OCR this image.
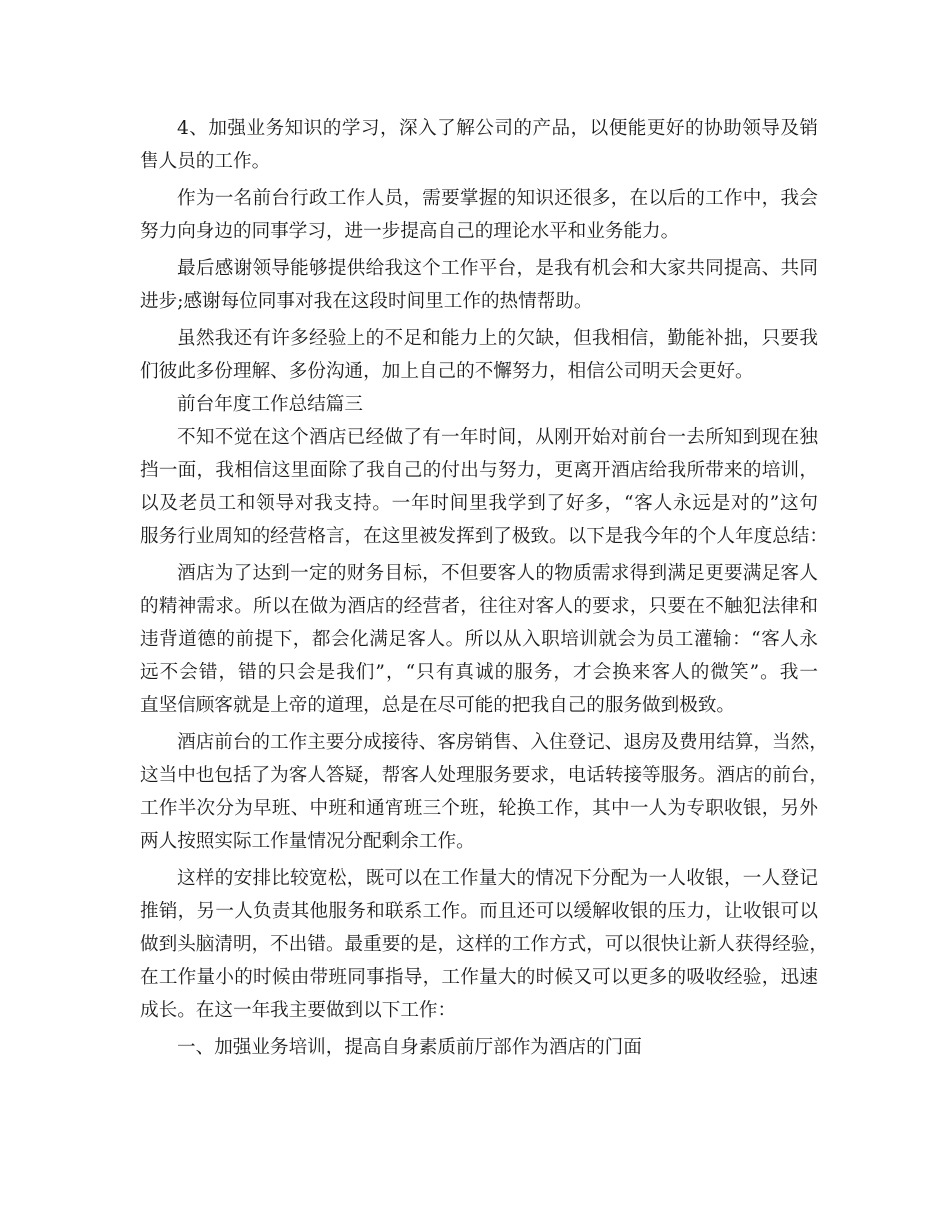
4、加强业务知识的学习，深入了解公司的产品，以便能更好的协助领导及销
售人员的工作。
作为一名前台行政工作人员，需要掌握的知识还很多，在以后的工作中，我会
努力向身边的同事学习，进一步提高自己的理论水平和业务能力。
最后感谢领导能够提供给我这个工作平台，是我有机会和大家共同提高、共同
进步;感谢每位同事对我在这段时间里工作的热情帮助。
虽然我还有许多经验上的不足和能力上的欠缺，但我相信，勤能补拙，只要我
们彼此多份理解、多份沟通，加上自己的不懈努力，相信公司明天会更好。
前台年度工作总结篇三
不知不觉在这个酒店已经做了有一年时间，从刚开始对前台一去所知到现在独
挡一面，我相信这里面除了我自己的付出与努力，更离开酒店给我所带来的培训，
以及老员工和领导对我支持。一年时间里我学到了好多，“客人永远是对的”这句
服务行业周知的经营格言，在这里被发挥到了极致。以下是我今年的个人年度总结：
酒店为了达到一定的财务目标，不但要客人的物质需求得到满足更要满足客人
的精神需求。所以在做为酒店的经营者，往往对客人的要求，只要在不触犯法律和
违背道德的前提下，都会化满足客人。所以从入职培训就会为员工灌输：“客人永
远不会错，错的只会是我们”，“只有真诚的服务，才会换来客人的微笑”。我一
直坚信顾客就是上帝的道理，总是在尽可能的把我自己的服务做到极致。
酒店前台的工作主要分成接待、客房销售、入住登记、退房及费用结算，当然，
这当中也包括了为客人答疑，帮客人处理服务要求，电话转接等服务。酒店的前台，
工作半次分为早班、中班和通宵班三个班，轮换工作，其中一人为专职收银，另外
两人按照实际工作量情况分配剩余工作。
这样的安排比较宽松，既可以在工作量大的情况下分配为一人收银，一人登记
推销，另一人负责其他服务和联系工作。而且还可以缓解收银的压力，让收银可以
做到头脑清明，不出错。最重要的是，这样的工作方式，可以很快让新人获得经验，
在工作量小的时候由带班同事指导，工作量大的时候又可以更多的吸收经验，迅速
成长。在这一年我主要做到以下工作：
一、加强业务培训，提高自身素质前厅部作为酒店的门面
